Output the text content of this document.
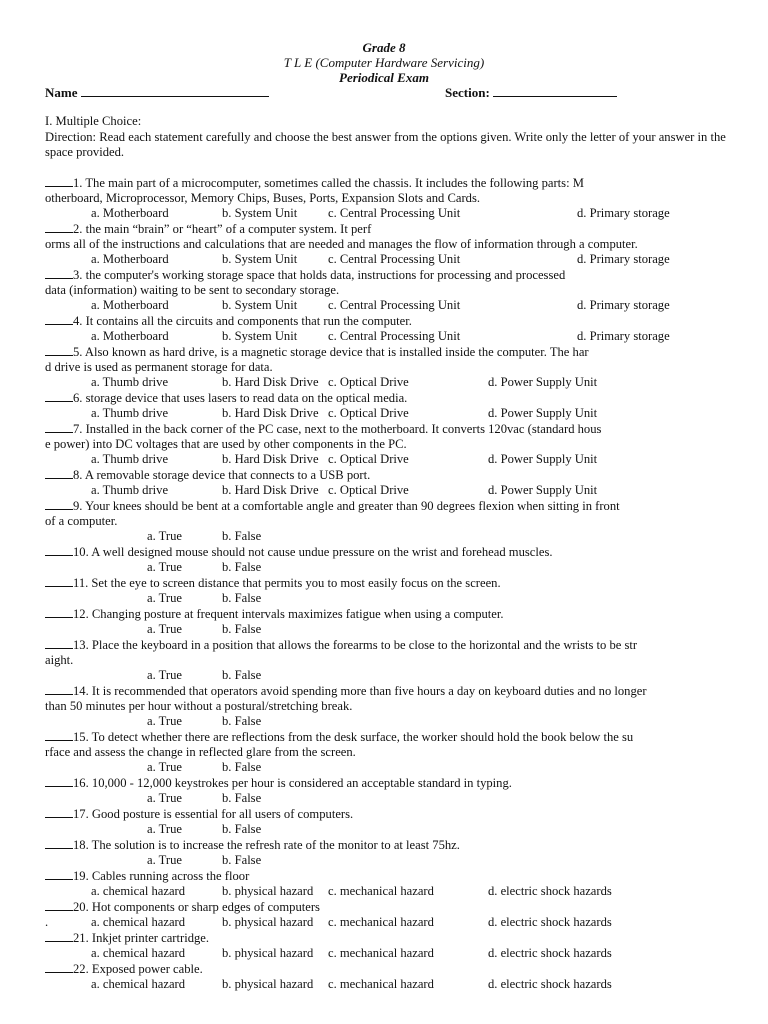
Grade 8
T L E (Computer Hardware Servicing)
Periodical Exam
Name	Section:
I. Multiple Choice:
Direction: Read each statement carefully and choose the best answer from the options given. Write only the letter of your answer in the space provided.
1. The main part of a microcomputer, sometimes called the chassis. It includes the following parts: M
otherboard, Microprocessor, Memory Chips, Buses, Ports, Expansion Slots and Cards.
a. Motherboard	b. System Unit c. Central Processing Unit	d. Primary storage
2. the main “brain” or “heart” of a computer system. It perf
orms all of the instructions and calculations that are needed and manages the flow of information through a computer.
a. Motherboard	b. System Unit c. Central Processing Unit	d. Primary storage
3. the computer's working storage space that holds data, instructions for processing and processed
data (information) waiting to be sent to secondary storage.
a. Motherboard	b. System Unit c. Central Processing Unit	d. Primary storage
4. It contains all the circuits and components that run the computer.
a. Motherboard	b. System Unit c. Central Processing Unit	d. Primary storage
5. Also known as hard drive, is a magnetic storage device that is installed inside the computer. The har
d drive is used as permanent storage for data.
a. Thumb drive	b. Hard Disk Drive c. Optical Drive	d. Power Supply Unit
6. storage device that uses lasers to read data on the optical media.
a. Thumb drive	b. Hard Disk Drive c. Optical Drive	d. Power Supply Unit
7. Installed in the back corner of the PC case, next to the motherboard. It converts 120vac (standard hous
e power) into DC voltages that are used by other components in the PC.
a. Thumb drive	b. Hard Disk Drive c. Optical Drive	d. Power Supply Unit
8. A removable storage device that connects to a USB port.
a. Thumb drive	b. Hard Disk Drive c. Optical Drive	d. Power Supply Unit
9. Your knees should be bent at a comfortable angle and greater than 90 degrees flexion when sitting in front
of a computer.
a. True	b. False
10. A well designed mouse should not cause undue pressure on the wrist and forehead muscles.
a. True	b. False
11. Set the eye to screen distance that permits you to most easily focus on the screen.
a. True	b. False
12. Changing posture at frequent intervals maximizes fatigue when using a computer.
a. True	b. False
13. Place the keyboard in a position that allows the forearms to be close to the horizontal and the wrists to be str
aight.
a. True	b. False
14. It is recommended that operators avoid spending more than five hours a day on keyboard duties and no longer
than 50 minutes per hour without a postural/stretching break.
a. True	b. False
15. To detect whether there are reflections from the desk surface, the worker should hold the book below the su
rface and assess the change in reflected glare from the screen.
a. True	b. False
16. 10,000 - 12,000 keystrokes per hour is considered an acceptable standard in typing.
a. True	b. False
17. Good posture is essential for all users of computers.
a. True	b. False
18. The solution is to increase the refresh rate of the monitor to at least 75hz.
a. True	b. False
19. Cables running across the floor
a. chemical hazard	b. physical hazard c. mechanical hazard	d. electric shock hazards
20. Hot components or sharp edges of computers
.	a. chemical hazard	b. physical hazard c. mechanical hazard	d. electric shock hazards
21. Inkjet printer cartridge.
a. chemical hazard	b. physical hazard c. mechanical hazard	d. electric shock hazards
22. Exposed power cable.
a. chemical hazard	b. physical hazard c. mechanical hazard	d. electric shock hazards
